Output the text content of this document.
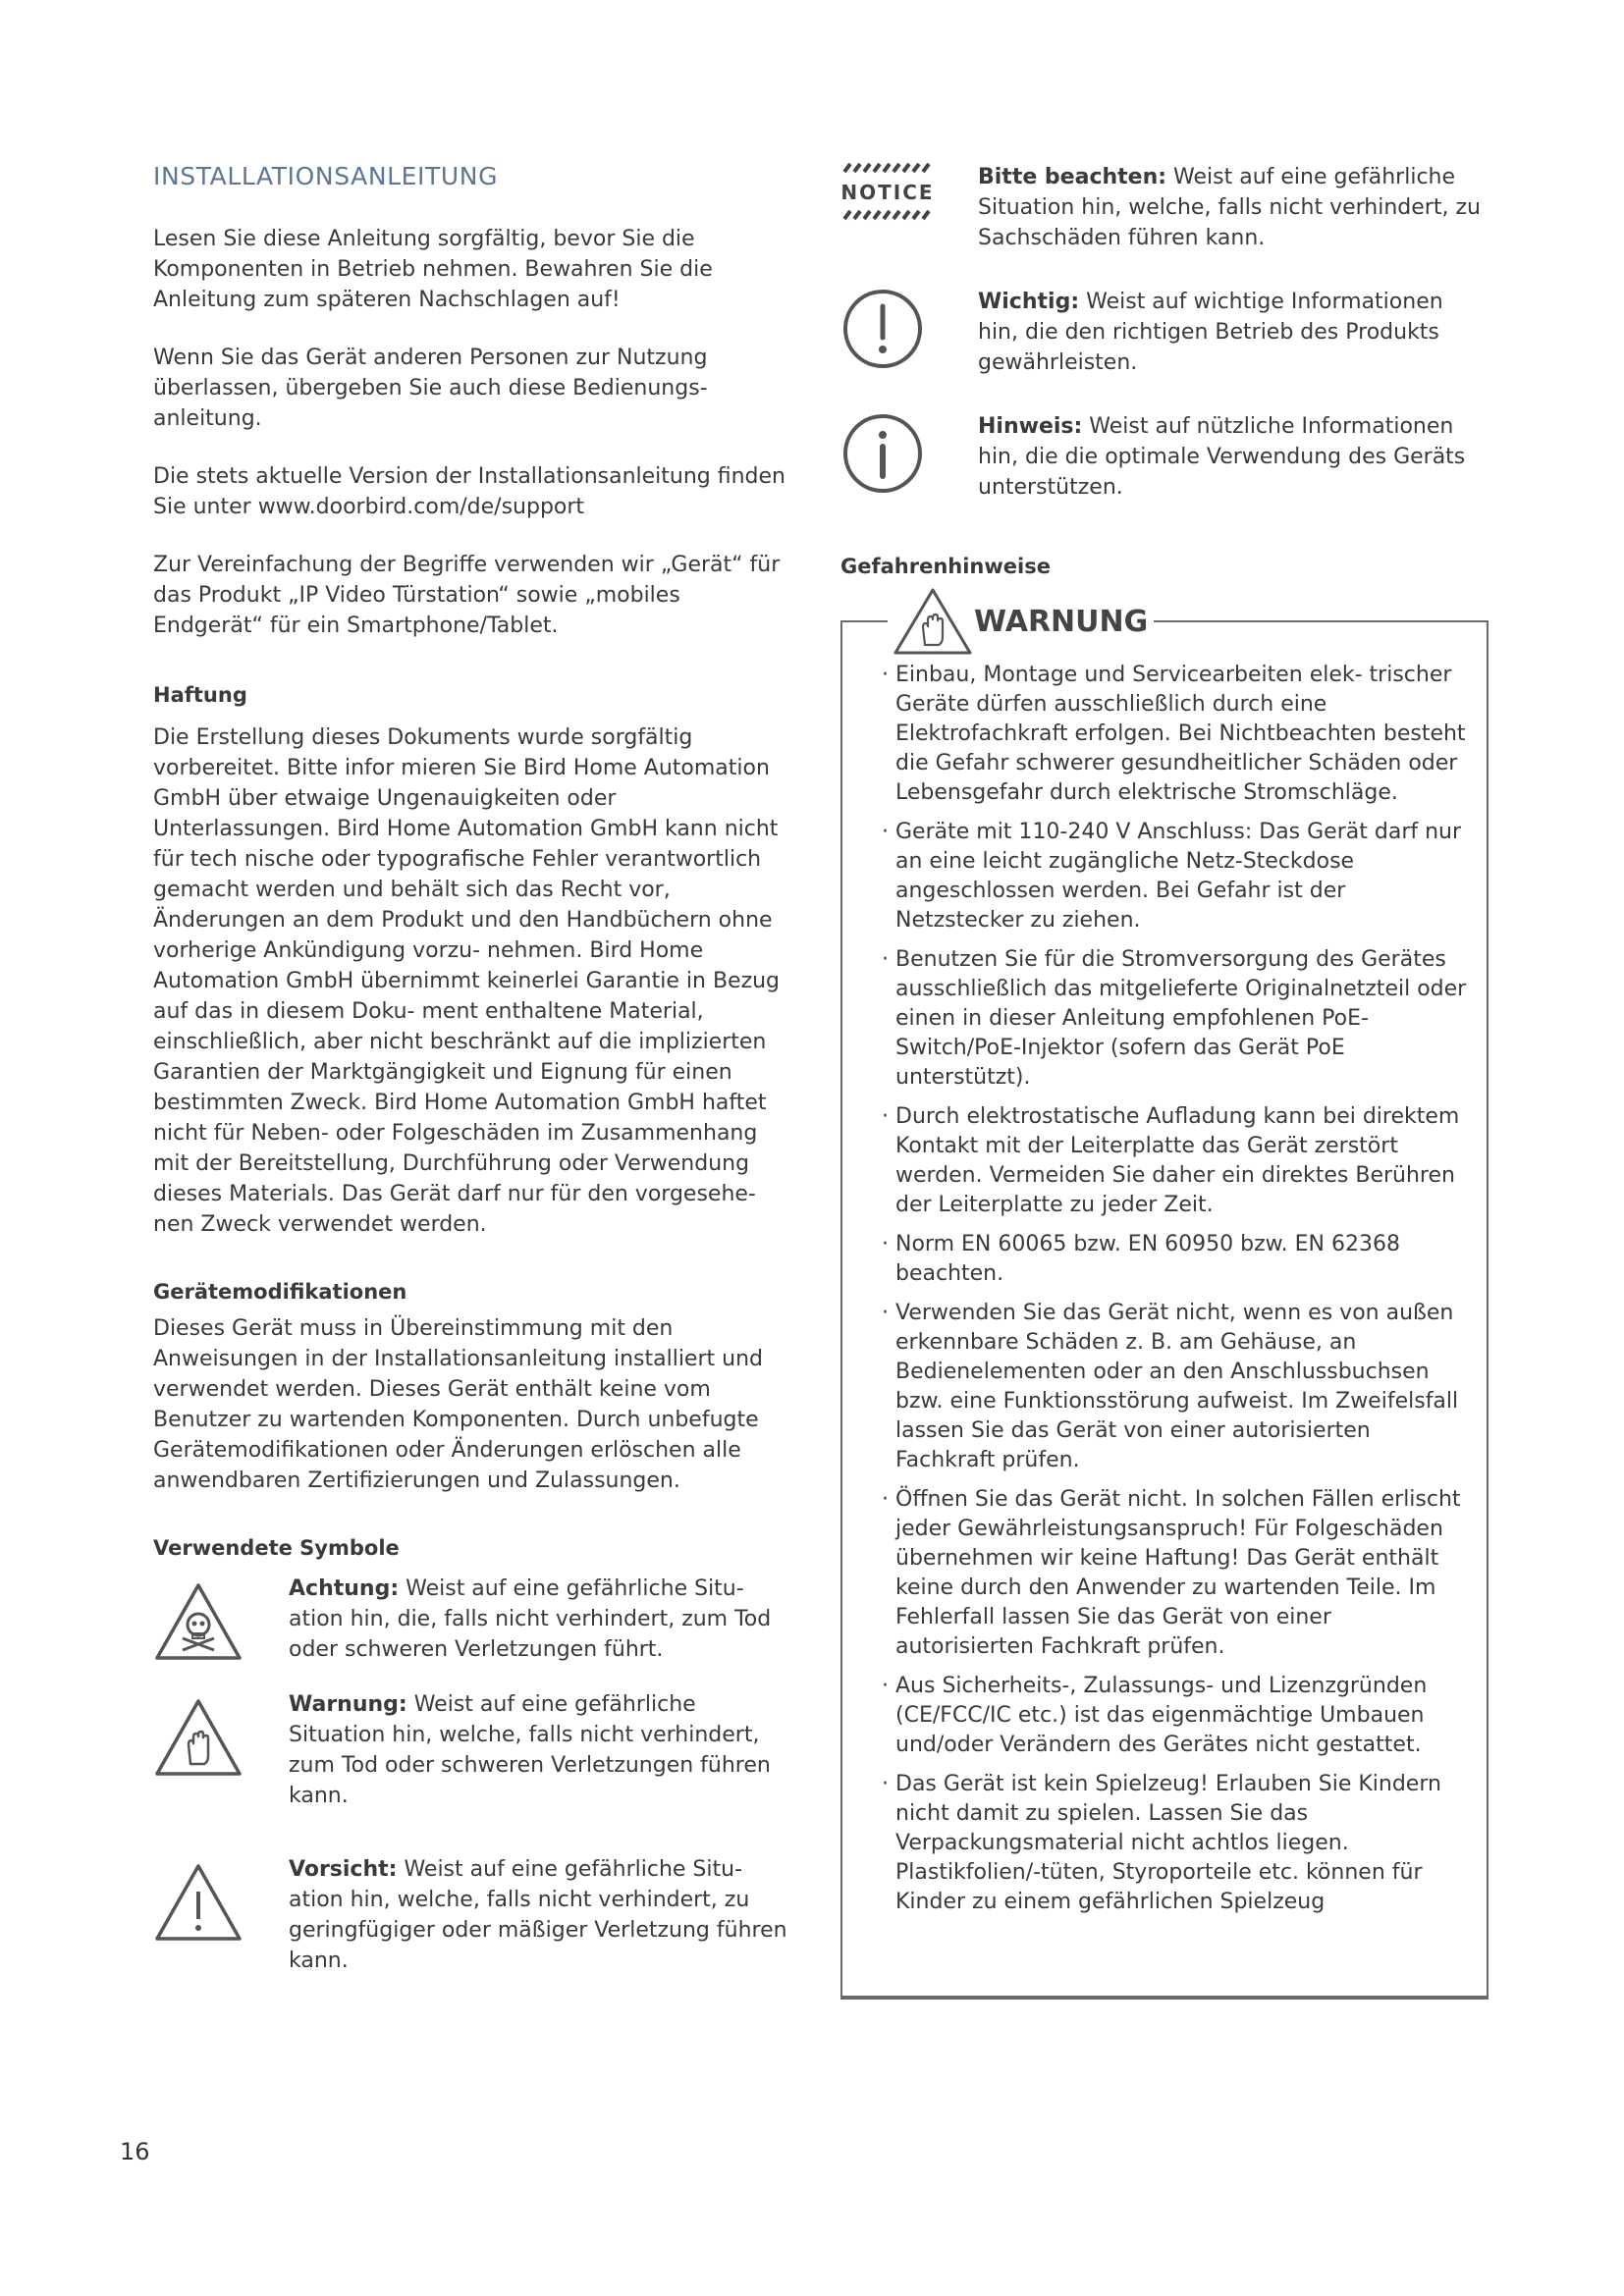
INSTALLATIONSANLEITUNG

Lesen Sie diese Anleitung sorgfältig, bevor Sie die Komponenten in Betrieb nehmen. Bewahren Sie die Anleitung zum späteren Nachschlagen auf!

Wenn Sie das Gerät anderen Personen zur Nutzung überlassen, übergeben Sie auch diese Bedienungs- anleitung.

Die stets aktuelle Version der Installationsanleitung finden Sie unter www.doorbird.com/de/support

Zur Vereinfachung der Begriffe verwenden wir „Gerät“ für das Produkt „IP Video Türstation“ sowie „mobiles Endgerät“ für ein Smartphone/Tablet.

Haftung

Die Erstellung dieses Dokuments wurde sorgfältig vorbereitet. Bitte infor mieren Sie Bird Home Automation GmbH über etwaige Ungenauigkeiten oder Unterlassungen. Bird Home Automation GmbH kann nicht für tech nische oder typografische Fehler verantwortlich gemacht werden und behält sich das Recht vor, Änderungen an dem Produkt und den Handbüchern ohne vorherige Ankündigung vorzu- nehmen. Bird Home Automation GmbH übernimmt keinerlei Garantie in Bezug auf das in diesem Doku- ment enthaltene Material, einschließlich, aber nicht beschränkt auf die implizierten Garantien der Marktgängigkeit und Eignung für einen bestimmten Zweck. Bird Home Automation GmbH haftet nicht für Neben- oder Folgeschäden im Zusammenhang mit der Bereitstellung, Durchführung oder Verwendung dieses Materials. Das Gerät darf nur für den vorgesehe- nen Zweck verwendet werden.

Gerätemodifikationen

Dieses Gerät muss in Übereinstimmung mit den Anweisungen in der Installationsanleitung installiert und verwendet werden. Dieses Gerät enthält keine vom Benutzer zu wartenden Komponenten. Durch unbefugte Gerätemodifikationen oder Änderungen erlöschen alle anwendbaren Zertifizierungen und Zulassungen.

Verwendete Symbole
Achtung: Weist auf eine gefährliche Situ- ation hin, die, falls nicht verhindert, zum Tod oder schweren Verletzungen führt.
Warnung: Weist auf eine gefährliche Situation hin, welche, falls nicht verhindert, zum Tod oder schweren Verletzungen führen kann.
Vorsicht: Weist auf eine gefährliche Situ- ation hin, welche, falls nicht verhindert, zu geringfügiger oder mäßiger Verletzung führen kann.
NOTICE
Bitte beachten: Weist auf eine gefährliche Situation hin, welche, falls nicht verhindert, zu Sachschäden führen kann.
Wichtig: Weist auf wichtige Informationen hin, die den richtigen Betrieb des Produkts gewährleisten.
Hinweis: Weist auf nützliche Informationen hin, die die optimale Verwendung des Geräts unterstützen.
Gefahrenhinweise
WARNUNG
· Einbau, Montage und Servicearbeiten elek- trischer Geräte dürfen ausschließlich durch eine Elektrofachkraft erfolgen. Bei Nichtbeachten besteht die Gefahr schwerer gesundheitlicher Schäden oder Lebensgefahr durch elektrische Stromschläge.
· Geräte mit 110-240 V Anschluss: Das Gerät darf nur an eine leicht zugängliche Netz-Steckdose angeschlossen werden. Bei Gefahr ist der Netzstecker zu ziehen.
· Benutzen Sie für die Stromversorgung des Gerätes ausschließlich das mitgelieferte Originalnetzteil oder einen in dieser Anleitung empfohlenen PoE-Switch/PoE-Injektor (sofern das Gerät PoE unterstützt).
· Durch elektrostatische Aufladung kann bei direktem Kontakt mit der Leiterplatte das Gerät zerstört werden. Vermeiden Sie daher ein direktes Berühren der Leiterplatte zu jeder Zeit.
· Norm EN 60065 bzw. EN 60950 bzw. EN 62368 beachten.
· Verwenden Sie das Gerät nicht, wenn es von außen erkennbare Schäden z. B. am Gehäuse, an Bedienelementen oder an den Anschlussbuchsen bzw. eine Funktionsstörung aufweist. Im Zweifelsfall lassen Sie das Gerät von einer autorisierten Fachkraft prüfen.
· Öffnen Sie das Gerät nicht. In solchen Fällen erlischt jeder Gewährleistungsanspruch! Für Folgeschäden übernehmen wir keine Haftung! Das Gerät enthält keine durch den Anwender zu wartenden Teile. Im Fehlerfall lassen Sie das Gerät von einer autorisierten Fachkraft prüfen.
· Aus Sicherheits-, Zulassungs- und Lizenzgründen (CE/FCC/IC etc.) ist das eigenmächtige Umbauen und/oder Verändern des Gerätes nicht gestattet.
· Das Gerät ist kein Spielzeug! Erlauben Sie Kindern nicht damit zu spielen. Lassen Sie das Verpackungsmaterial nicht achtlos liegen. Plastikfolien/-tüten, Styroporteile etc. können für Kinder zu einem gefährlichen Spielzeug
16
